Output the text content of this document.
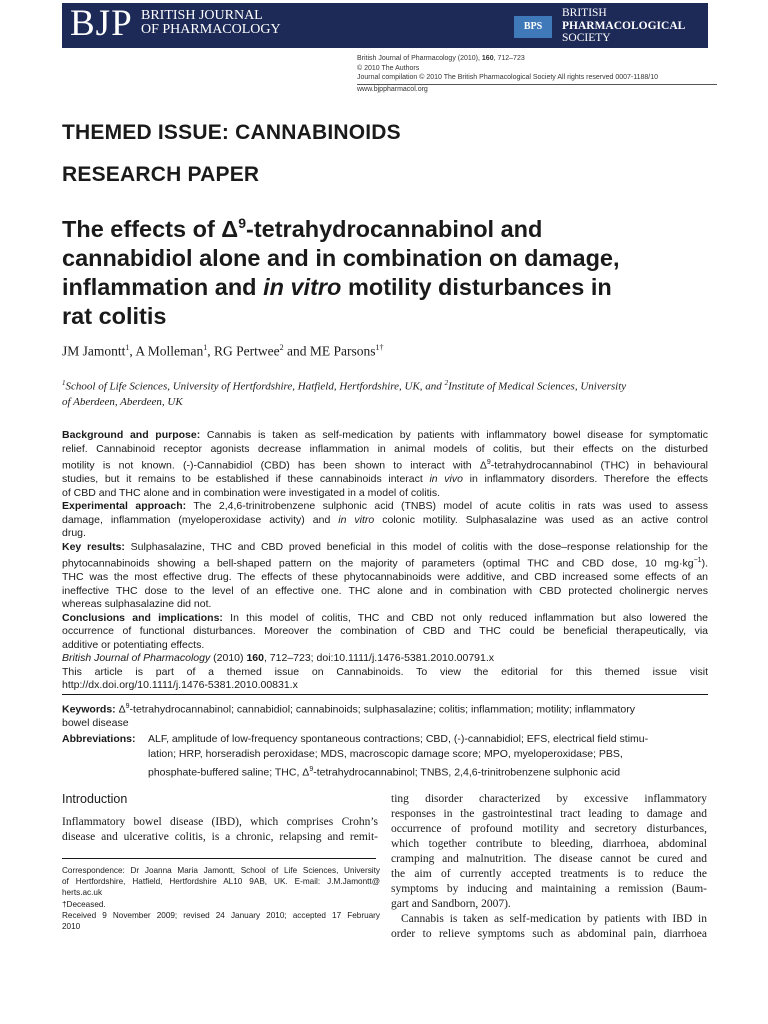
BJP BRITISH JOURNAL
OF PHARMACOLOGY	BPS
BRITISH
PHARMACOLOGICAL
SOCIETY
British Journal of Pharmacology (2010), 160, 712–723
© 2010 The Authors
Journal compilation © 2010 The British Pharmacological Society All rights reserved 0007-1188/10
www.bjppharmacol.org
THEMED ISSUE: CANNABINOIDS
RESEARCH PAPER
The effects of $\Delta^9$-tetrahydrocannabinol and
cannabidiol alone and in combination on damage,
inflammation and in vitro motility disturbances in
rat colitis
JM Jamontt$^1$, A Molleman$^1$, RG Pertwee$^2$ and ME Parsons$^{1\dagger}$
$^1$School of Life Sciences, University of Hertfordshire, Hatfield, Hertfordshire, UK, and $^2$Institute of Medical Sciences, University
of Aberdeen, Aberdeen, UK
Background and purpose: Cannabis is taken as self-medication by patients with inflammatory bowel disease for symptomatic
relief. Cannabinoid receptor agonists decrease inflammation in animal models of colitis, but their effects on the disturbed
motility is not known. (-)-Cannabidiol (CBD) has been shown to interact with $\Delta^9$-tetrahydrocannabinol (THC) in behavioural
studies, but it remains to be established if these cannabinoids interact in vivo in inflammatory disorders. Therefore the effects
of CBD and THC alone and in combination were investigated in a model of colitis.
Experimental approach: The 2,4,6-trinitrobenzene sulphonic acid (TNBS) model of acute colitis in rats was used to assess
damage, inflammation (myeloperoxidase activity) and in vitro colonic motility. Sulphasalazine was used as an active control
drug.
Key results: Sulphasalazine, THC and CBD proved beneficial in this model of colitis with the dose–response relationship for the
phytocannabinoids showing a bell-shaped pattern on the majority of parameters (optimal THC and CBD dose, 10 $mg\cdot kg^{-1}$).
THC was the most effective drug. The effects of these phytocannabinoids were additive, and CBD increased some effects of an
ineffective THC dose to the level of an effective one. THC alone and in combination with CBD protected cholinergic nerves
whereas sulphasalazine did not.
Conclusions and implications: In this model of colitis, THC and CBD not only reduced inflammation but also lowered the
occurrence of functional disturbances. Moreover the combination of CBD and THC could be beneficial therapeutically, via
additive or potentiating effects.
British Journal of Pharmacology (2010) 160, 712–723; doi:10.1111/j.1476-5381.2010.00791.x
This article is part of a themed issue on Cannabinoids. To view the editorial for this themed issue visit
http://dx.doi.org/10.1111/j.1476-5381.2010.00831.x
Keywords: $\Delta^9$-tetrahydrocannabinol; cannabidiol; cannabinoids; sulphasalazine; colitis; inflammation; motility; inflammatory
bowel disease
Abbreviations: ALF, amplitude of low-frequency spontaneous contractions; CBD, (-)-cannabidiol; EFS, electrical field stimu-
lation; HRP, horseradish peroxidase; MDS, macroscopic damage score; MPO, myeloperoxidase; PBS,
phosphate-buffered saline; THC, $\Delta^9$-tetrahydrocannabinol; TNBS, 2,4,6-trinitrobenzene sulphonic acid
Introduction
Inflammatory bowel disease (IBD), which comprises Crohn’s
disease and ulcerative colitis, is a chronic, relapsing and remit-
ting disorder characterized by excessive inflammatory
responses in the gastrointestinal tract leading to damage and
occurrence of profound motility and secretory disturbances,
which together contribute to bleeding, diarrhoea, abdominal
cramping and malnutrition. The disease cannot be cured and
the aim of currently accepted treatments is to reduce the
symptoms by inducing and maintaining a remission (Baum-
gart and Sandborn, 2007).
Cannabis is taken as self-medication by patients with IBD in
order to relieve symptoms such as abdominal pain, diarrhoea
Correspondence: Dr Joanna Maria Jamontt, School of Life Sciences, University
of Hertfordshire, Hatfield, Hertfordshire AL10 9AB, UK. E-mail: J.M.Jamontt@
herts.ac.uk
†Deceased.
Received 9 November 2009; revised 24 January 2010; accepted 17 February
2010
